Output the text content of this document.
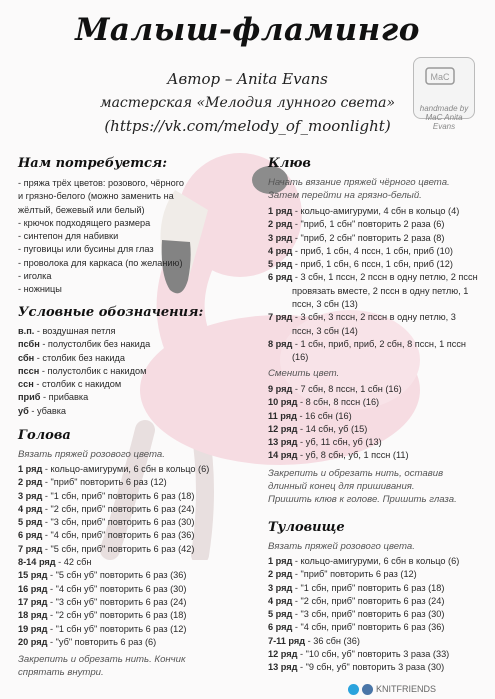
Малыш-фламинго
Автор – Anita Evans
мастерская «Мелодия лунного света»
(https://vk.com/melody_of_moonlight)
MaC
handmade by MaC Anita Evans
Нам потребуется:
- пряжа трёх цветов: розового, чёрного
и грязно-белого (можно заменить на
жёлтый, бежевый или белый)
- крючок подходящего размера
- синтепон для набивки
- пуговицы или бусины для глаз
- проволока для каркаса (по желанию)
- иголка
- ножницы
Условные обозначения:
в.п. - воздушная петля
псбн - полустолбик без накида
сбн - столбик без накида
пссн - полустолбик с накидом
ссн - столбик с накидом
приб - прибавка
уб - убавка
Голова
Вязать пряжей розового цвета.
1 ряд - кольцо-амигуруми, 6 сбн в кольцо (6)
2 ряд - "приб" повторить 6 раз (12)
3 ряд - "1 сбн, приб" повторить 6 раз (18)
4 ряд - "2 сбн, приб" повторить 6 раз (24)
5 ряд - "3 сбн, приб" повторить 6 раз (30)
6 ряд - "4 сбн, приб" повторить 6 раз (36)
7 ряд - "5 сбн, приб" повторить 6 раз (42)
8-14 ряд - 42 сбн
15 ряд - "5 сбн уб" повторить 6 раз (36)
16 ряд - "4 сбн уб" повторить 6 раз (30)
17 ряд - "3 сбн уб" повторить 6 раз (24)
18 ряд - "2 сбн уб" повторить 6 раз (18)
19 ряд - "1 сбн уб" повторить 6 раз (12)
20 ряд - "уб" повторить 6 раз (6)
Закрепить и обрезать нить. Кончик
спрятать внутри.
Клюв
Начать вязание пряжей чёрного цвета.
Затем перейти на грязно-белый.
1 ряд - кольцо-амигуруми, 4 сбн в кольцо (4)
2 ряд - "приб, 1 сбн" повторить 2 раза (6)
3 ряд - "приб, 2 сбн" повторить 2 раза (8)
4 ряд - приб, 1 сбн, 4 пссн, 1 сбн, приб (10)
5 ряд - приб, 1 сбн, 6 пссн, 1 сбн, приб (12)
6 ряд - 3 сбн, 1 пссн, 2 пссн в одну петлю, 2 пссн провязать вместе, 2 пссн в одну петлю, 1 пссн, 3 сбн (13)
7 ряд - 3 сбн, 3 пссн, 2 пссн в одну петлю, 3 пссн, 3 сбн (14)
8 ряд - 1 сбн, приб, приб, 2 сбн, 8 пссн, 1 пссн (16)
Сменить цвет.
9 ряд - 7 сбн, 8 пссн, 1 сбн (16)
10 ряд - 8 сбн, 8 пссн (16)
11 ряд - 16 сбн (16)
12 ряд - 14 сбн, уб (15)
13 ряд - уб, 11 сбн, уб (13)
14 ряд - уб, 8 сбн, уб, 1 пссн (11)
Закрепить и обрезать нить, оставив
длинный конец для пришивания.
Пришить клюв к голове. Пришить глаза.
Туловище
Вязать пряжей розового цвета.
1 ряд - кольцо-амигуруми, 6 сбн в кольцо (6)
2 ряд - "приб" повторить 6 раз (12)
3 ряд - "1 сбн, приб" повторить 6 раз (18)
4 ряд - "2 сбн, приб" повторить 6 раз (24)
5 ряд - "3 сбн, приб" повторить 6 раз (30)
6 ряд - "4 сбн, приб" повторить 6 раз (36)
7-11 ряд - 36 сбн (36)
12 ряд - "10 сбн, уб" повторить 3 раза (33)
13 ряд - "9 сбн, уб" повторить 3 раза (30)
KNITFRIENDS
